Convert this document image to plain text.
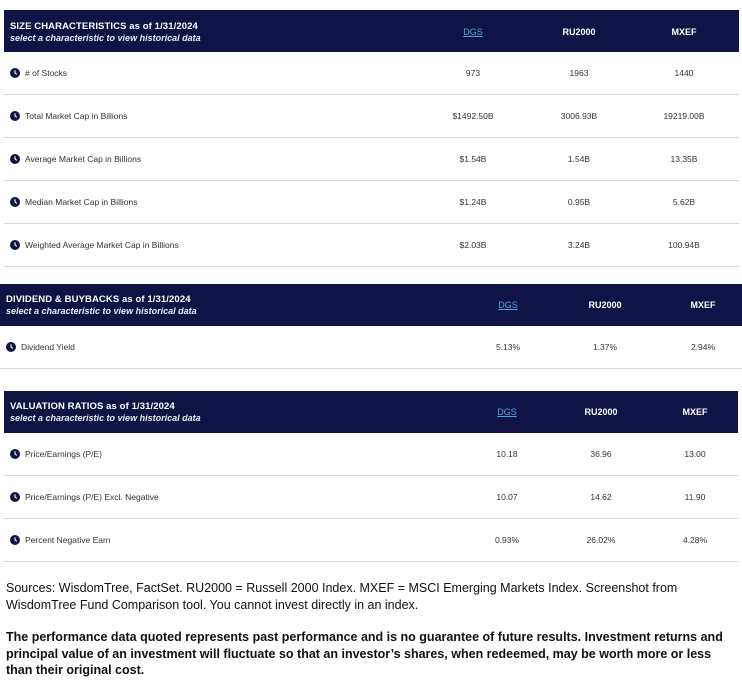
SIZE CHARACTERISTICS as of 1/31/2024
select a characteristic to view historical data
DGS	RU2000	MXEF
# of Stocks	973	1963	1440
Total Market Cap in Billions	$1492.50B	3006.93B	19219.00B
Average Market Cap in Billions	$1.54B	1.54B	13.35B
Median Market Cap in Billions	$1.24B	0.95B	5.62B
Weighted Average Market Cap in Billions	$2.03B	3.24B	100.94B
DIVIDEND & BUYBACKS as of 1/31/2024
select a characteristic to view historical data
DGS	RU2000	MXEF
Dividend Yield	5.13%	1.37%	2.94%
VALUATION RATIOS as of 1/31/2024
select a characteristic to view historical data
DGS	RU2000	MXEF
Price/Earnings (P/E)	10.18	36.96	13.00
Price/Earnings (P/E) Excl. Negative	10.07	14.62	11.90
Percent Negative Earn	0.93%	26.02%	4.28%
Sources: WisdomTree, FactSet. RU2000 = Russell 2000 Index. MXEF = MSCI Emerging Markets Index. Screenshot from WisdomTree Fund Comparison tool. You cannot invest directly in an index.
The performance data quoted represents past performance and is no guarantee of future results. Investment returns and principal value of an investment will fluctuate so that an investor’s shares, when redeemed, may be worth more or less than their original cost.
